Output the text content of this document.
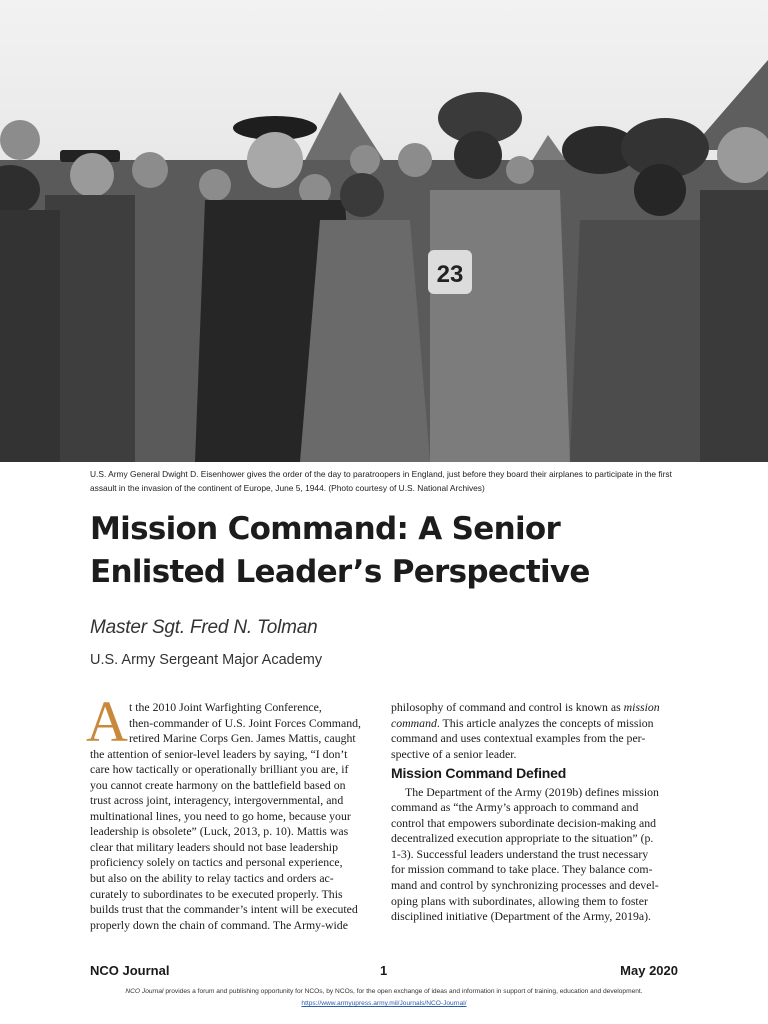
23
U.S. Army General Dwight D. Eisenhower gives the order of the day to paratroopers in England, just before they board their airplanes to participate in the first assault in the invasion of the continent of Europe, June 5, 1944. (Photo courtesy of U.S. National Archives)
Mission Command: A Senior
Enlisted Leader’s Perspective
Master Sgt. Fred N. Tolman
U.S. Army Sergeant Major Academy
A t the 2010 Joint Warfighting Conference,
then-commander of U.S. Joint Forces Command,
retired Marine Corps Gen. James Mattis, caught
the attention of senior-level leaders by saying, “I don’t
care how tactically or operationally brilliant you are, if
you cannot create harmony on the battlefield based on
trust across joint, interagency, intergovernmental, and
multinational lines, you need to go home, because your
leadership is obsolete” (Luck, 2013, p. 10). Mattis was
clear that military leaders should not base leadership
proficiency solely on tactics and personal experience,
but also on the ability to relay tactics and orders ac-
curately to subordinates to be executed properly. This
builds trust that the commander’s intent will be executed
properly down the chain of command. The Army-wide
philosophy of command and control is known as mission
command. This article analyzes the concepts of mission
command and uses contextual examples from the per-
spective of a senior leader.
Mission Command Defined
The Department of the Army (2019b) defines mission
command as “the Army’s approach to command and
control that empowers subordinate decision-making and
decentralized execution appropriate to the situation” (p.
1-3). Successful leaders understand the trust necessary
for mission command to take place. They balance com-
mand and control by synchronizing processes and devel-
oping plans with subordinates, allowing them to foster
disciplined initiative (Department of the Army, 2019a).
NCO Journal	1	May 2020
NCO Journal provides a forum and publishing opportunity for NCOs, by NCOs, for the open exchange of ideas and information in support of training, education and development.
https://www.armyupress.army.mil/Journals/NCO-Journal/
